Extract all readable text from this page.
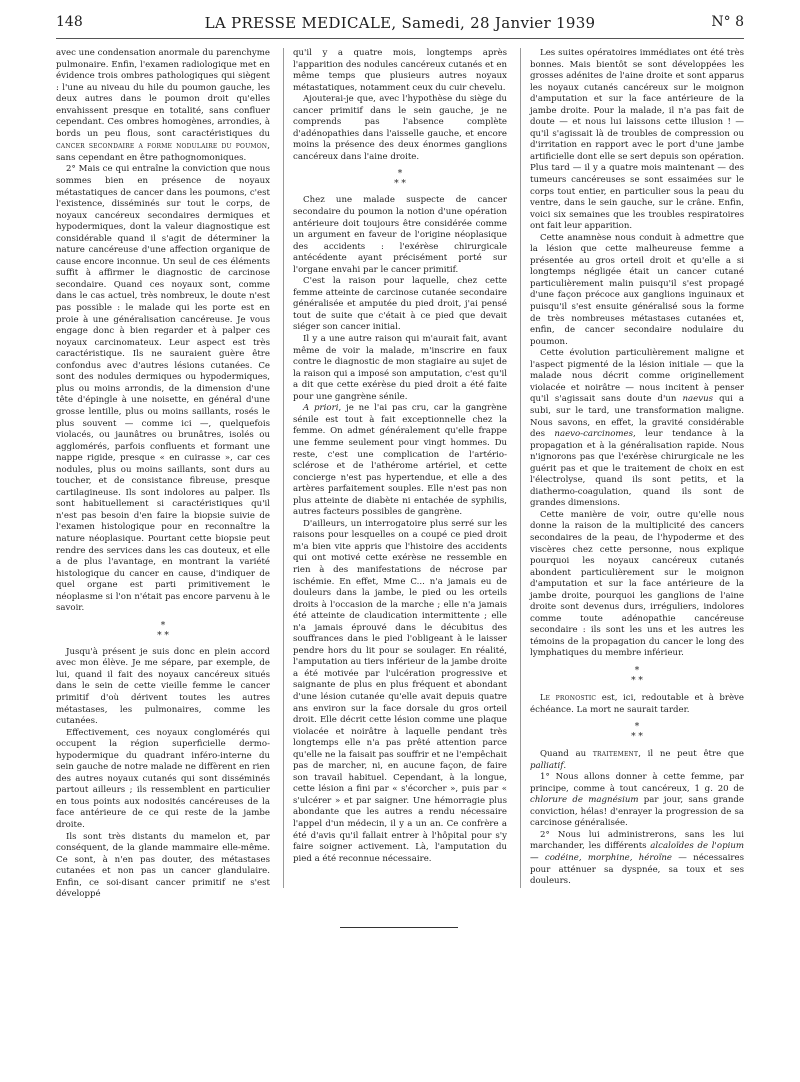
148	LA PRESSE MEDICALE, Samedi, 28 Janvier 1939	N° 8

avec une condensation anormale du parenchyme pulmonaire. Enfin, l'examen radiologique met en évidence trois ombres pathologiques qui siègent : l'une au niveau du hile du poumon gauche, les deux autres dans le poumon droit qu'elles envahissent presque en totalité, sans confluer cependant. Ces ombres homogènes, arrondies, à bords un peu flous, sont caractéristiques du cancer secondaire a forme nodulaire du poumon, sans cependant en être pathognomoniques.

2° Mais ce qui entraîne la conviction que nous sommes bien en présence de noyaux métastatiques de cancer dans les poumons, c'est l'existence, disséminés sur tout le corps, de noyaux cancéreux secondaires dermiques et hypodermiques, dont la valeur diagnostique est considérable quand il s'agit de déterminer la nature cancéreuse d'une affection organique de cause encore inconnue. Un seul de ces éléments suffit à affirmer le diagnostic de carcinose secondaire. Quand ces noyaux sont, comme dans le cas actuel, très nombreux, le doute n'est pas possible : le malade qui les porte est en proie à une généralisation cancéreuse. Je vous engage donc à bien regarder et à palper ces noyaux carcinomateux. Leur aspect est très caractéristique. Ils ne sauraient guère être confondus avec d'autres lésions cutanées. Ce sont des nodules dermiques ou hypodermiques, plus ou moins arrondis, de la dimension d'une tête d'épingle à une noisette, en général d'une grosse lentille, plus ou moins saillants, rosés le plus souvent — comme ici —, quelquefois violacés, ou jaunâtres ou brunâtres, isolés ou agglomérés, parfois confluents et formant une nappe rigide, presque « en cuirasse », car ces nodules, plus ou moins saillants, sont durs au toucher, et de consistance fibreuse, presque cartilagineuse. Ils sont indolores au palper. Ils sont habituellement si caractéristiques qu'il n'est pas besoin d'en faire la biopsie suivie de l'examen histologique pour en reconnaître la nature néoplasique. Pourtant cette biopsie peut rendre des services dans les cas douteux, et elle a de plus l'avantage, en montrant la variété histologique du cancer en cause, d'indiquer de quel organe est parti primitivement le néoplasme si l'on n'était pas encore parvenu à le savoir.

*
* *

Jusqu'à présent je suis donc en plein accord avec mon élève. Je me sépare, par exemple, de lui, quand il fait des noyaux cancéreux situés dans le sein de cette vieille femme le cancer primitif d'où dérivent toutes les autres métastases, les pulmonaires, comme les cutanées.

Effectivement, ces noyaux conglomérés qui occupent la région superficielle dermo-hypodermique du quadrant inféro-interne du sein gauche de notre malade ne diffèrent en rien des autres noyaux cutanés qui sont disséminés partout ailleurs ; ils ressemblent en particulier en tous points aux nodosités cancéreuses de la face antérieure de ce qui reste de la jambe droite.

Ils sont très distants du mamelon et, par conséquent, de la glande mammaire elle-même. Ce sont, à n'en pas douter, des métastases cutanées et non pas un cancer glandulaire. Enfin, ce soi-disant cancer primitif ne s'est développé

qu'il y a quatre mois, longtemps après l'apparition des nodules cancéreux cutanés et en même temps que plusieurs autres noyaux métastatiques, notamment ceux du cuir chevelu.

Ajouterai-je que, avec l'hypothèse du siège du cancer primitif dans le sein gauche, je ne comprends pas l'absence complète d'adénopathies dans l'aisselle gauche, et encore moins la présence des deux énormes ganglions cancéreux dans l'aine droite.

*
* *

Chez une malade suspecte de cancer secondaire du poumon la notion d'une opération antérieure doit toujours être considérée comme un argument en faveur de l'origine néoplasique des accidents : l'exérèse chirurgicale antécédente ayant précisément porté sur l'organe envahi par le cancer primitif.

C'est la raison pour laquelle, chez cette femme atteinte de carcinose cutanée secondaire généralisée et amputée du pied droit, j'ai pensé tout de suite que c'était à ce pied que devait siéger son cancer initial.

Il y a une autre raison qui m'aurait fait, avant même de voir la malade, m'inscrire en faux contre le diagnostic de mon stagiaire au sujet de la raison qui a imposé son amputation, c'est qu'il a dit que cette exérèse du pied droit a été faite pour une gangrène sénile.

A priori, je ne l'ai pas cru, car la gangrène sénile est tout à fait exceptionnelle chez la femme. On admet généralement qu'elle frappe une femme seulement pour vingt hommes. Du reste, c'est une complication de l'artério-sclérose et de l'athérome artériel, et cette concierge n'est pas hypertendue, et elle a des artères parfaitement souples. Elle n'est pas non plus atteinte de diabète ni entachée de syphilis, autres facteurs possibles de gangrène.

D'ailleurs, un interrogatoire plus serré sur les raisons pour lesquelles on a coupé ce pied droit m'a bien vite appris que l'histoire des accidents qui ont motivé cette exérèse ne ressemble en rien à des manifestations de nécrose par ischémie. En effet, Mme C... n'a jamais eu de douleurs dans la jambe, le pied ou les orteils droits à l'occasion de la marche ; elle n'a jamais été atteinte de claudication intermittente ; elle n'a jamais éprouvé dans le décubitus des souffrances dans le pied l'obligeant à le laisser pendre hors du lit pour se soulager. En réalité, l'amputation au tiers inférieur de la jambe droite a été motivée par l'ulcération progressive et saignante de plus en plus fréquent et abondant d'une lésion cutanée qu'elle avait depuis quatre ans environ sur la face dorsale du gros orteil droit. Elle décrit cette lésion comme une plaque violacée et noirâtre à laquelle pendant très longtemps elle n'a pas prêté attention parce qu'elle ne la faisait pas souffrir et ne l'empêchait pas de marcher, ni, en aucune façon, de faire son travail habituel. Cependant, à la longue, cette lésion a fini par « s'écorcher », puis par « s'ulcérer » et par saigner. Une hémorragie plus abondante que les autres a rendu nécessaire l'appel d'un médecin, il y a un an. Ce confrère a été d'avis qu'il fallait entrer à l'hôpital pour s'y faire soigner activement. Là, l'amputation du pied a été reconnue nécessaire.

Les suites opératoires immédiates ont été très bonnes. Mais bientôt se sont développées les grosses adénites de l'aine droite et sont apparus les noyaux cutanés cancéreux sur le moignon d'amputation et sur la face antérieure de la jambe droite. Pour la malade, il n'a pas fait de doute — et nous lui laissons cette illusion ! — qu'il s'agissait là de troubles de compression ou d'irritation en rapport avec le port d'une jambe artificielle dont elle se sert depuis son opération. Plus tard — il y a quatre mois maintenant — des tumeurs cancéreuses se sont essaimées sur le corps tout entier, en particulier sous la peau du ventre, dans le sein gauche, sur le crâne. Enfin, voici six semaines que les troubles respiratoires ont fait leur apparition.

Cette anamnèse nous conduit à admettre que la lésion que cette malheureuse femme a présentée au gros orteil droit et qu'elle a si longtemps négligée était un cancer cutané particulièrement malin puisqu'il s'est propagé d'une façon précoce aux ganglions inguinaux et puisqu'il s'est ensuite généralisé sous la forme de très nombreuses métastases cutanées et, enfin, de cancer secondaire nodulaire du poumon.

Cette évolution particulièrement maligne et l'aspect pigmenté de la lésion initiale — que la malade nous décrit comme originellement violacée et noirâtre — nous incitent à penser qu'il s'agissait sans doute d'un naevus qui a subi, sur le tard, une transformation maligne. Nous savons, en effet, la gravité considérable des naevo-carcinomes, leur tendance à la propagation et à la généralisation rapide. Nous n'ignorons pas que l'exérèse chirurgicale ne les guérit pas et que le traitement de choix en est l'électrolyse, quand ils sont petits, et la diathermo-coagulation, quand ils sont de grandes dimensions.

Cette manière de voir, outre qu'elle nous donne la raison de la multiplicité des cancers secondaires de la peau, de l'hypoderme et des viscères chez cette personne, nous explique pourquoi les noyaux cancéreux cutanés abondent particulièrement sur le moignon d'amputation et sur la face antérieure de la jambe droite, pourquoi les ganglions de l'aine droite sont devenus durs, irréguliers, indolores comme toute adénopathie cancéreuse secondaire : ils sont les uns et les autres les témoins de la propagation du cancer le long des lymphatiques du membre inférieur.

*
* *

Le pronostic est, ici, redoutable et à brève échéance. La mort ne saurait tarder.

*
* *

Quand au traitement, il ne peut être que palliatif.

1° Nous allons donner à cette femme, par principe, comme à tout cancéreux, 1 g. 20 de chlorure de magnésium par jour, sans grande conviction, hélas! d'enrayer la progression de sa carcinose généralisée.

2° Nous lui administrerons, sans les lui marchander, les différents alcaloïdes de l'opium — codéine, morphine, héroïne — nécessaires pour atténuer sa dyspnée, sa toux et ses douleurs.
